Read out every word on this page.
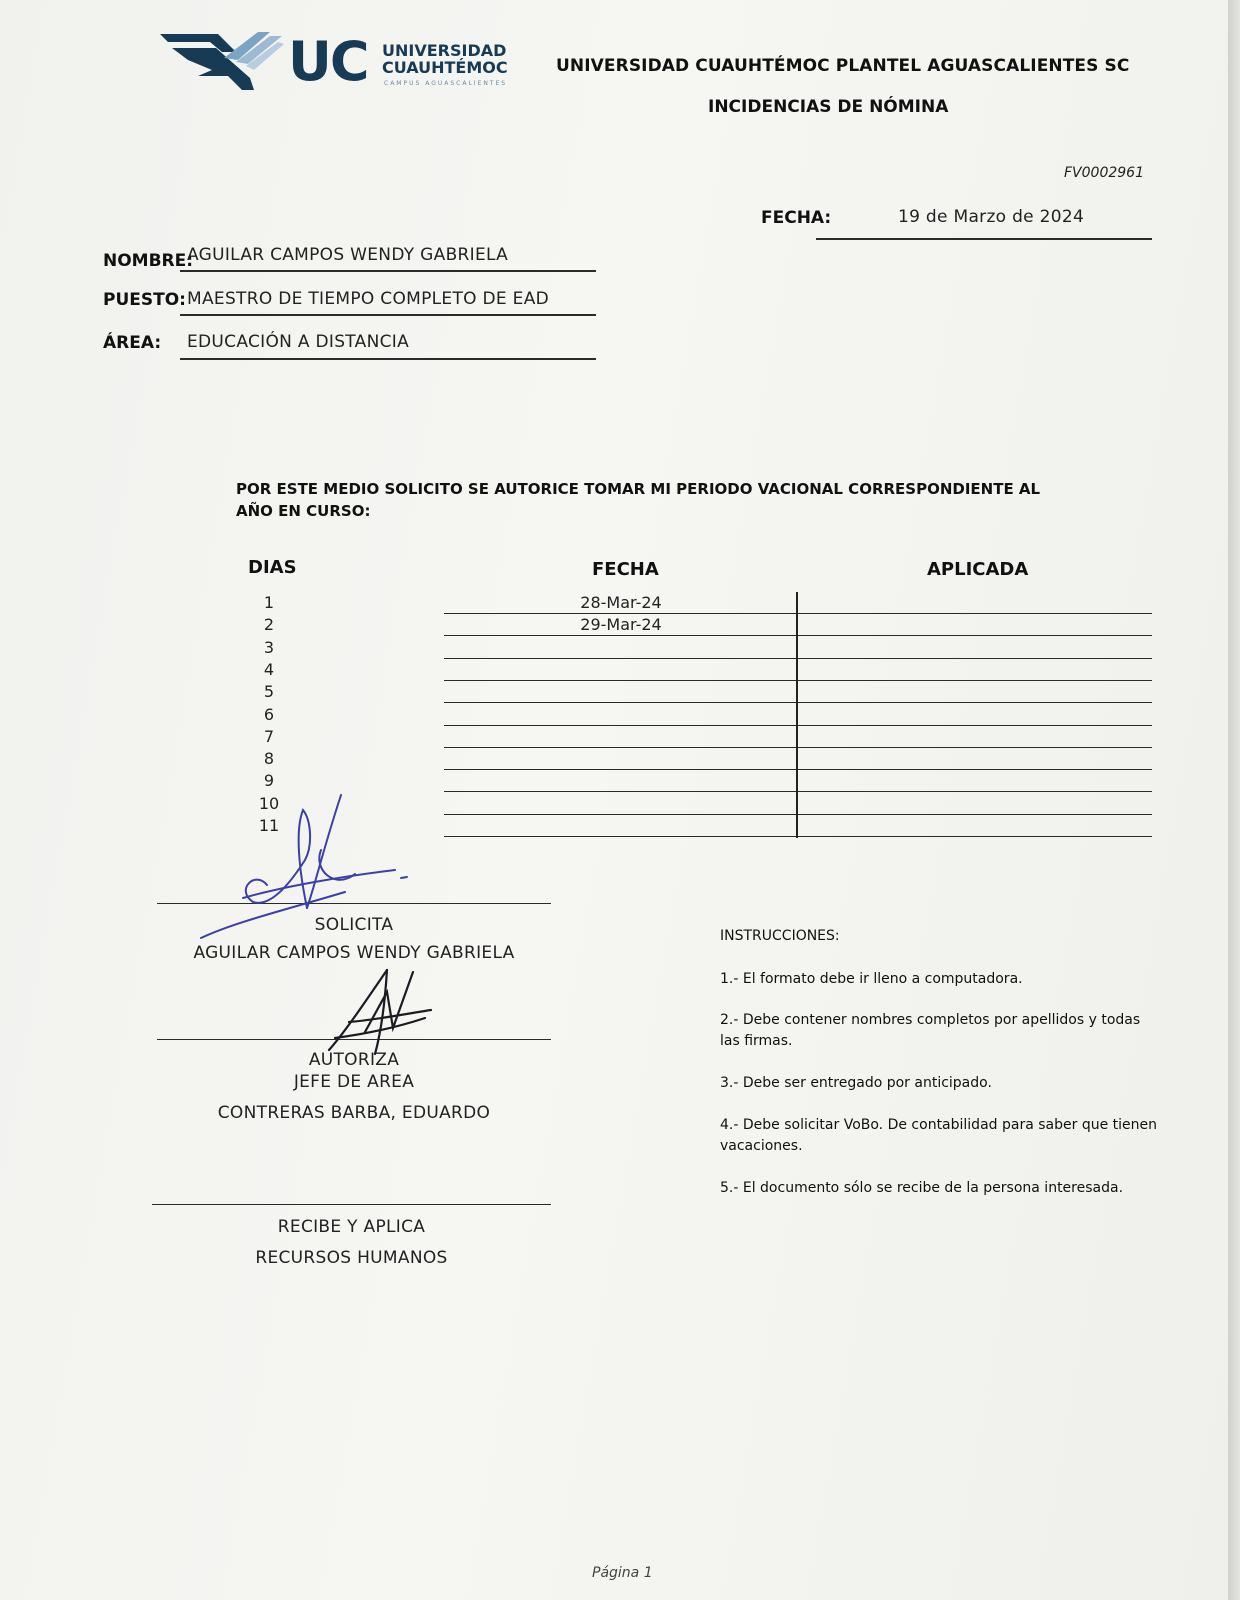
UC UNIVERSIDAD
CUAUHTÉMOC
CAMPUS AGUASCALIENTES
UNIVERSIDAD CUAUHTÉMOC PLANTEL AGUASCALIENTES SC
INCIDENCIAS DE NÓMINA
FV0002961
FECHA:	19 de Marzo de 2024
NOMBRE:
AGUILAR CAMPOS WENDY GABRIELA
PUESTO: MAESTRO DE TIEMPO COMPLETO DE EAD
ÁREA: EDUCACIÓN A DISTANCIA
POR ESTE MEDIO SOLICITO SE AUTORICE TOMAR MI PERIODO VACIONAL CORRESPONDIENTE AL AÑO EN CURSO:
DIAS	FECHA	APLICADA
1	28-Mar-24
2	29-Mar-24
3
4
5
6
7
8
9
10
11
SOLICITA
AGUILAR CAMPOS WENDY GABRIELA
AUTORIZA
JEFE DE AREA
CONTRERAS BARBA, EDUARDO
RECIBE Y APLICA
RECURSOS HUMANOS
INSTRUCCIONES:
1.- El formato debe ir lleno a computadora.
2.- Debe contener nombres completos por apellidos y todas las firmas.
3.- Debe ser entregado por anticipado.
4.- Debe solicitar VoBo. De contabilidad para saber que tienen vacaciones.
5.- El documento sólo se recibe de la persona interesada.
Página 1
